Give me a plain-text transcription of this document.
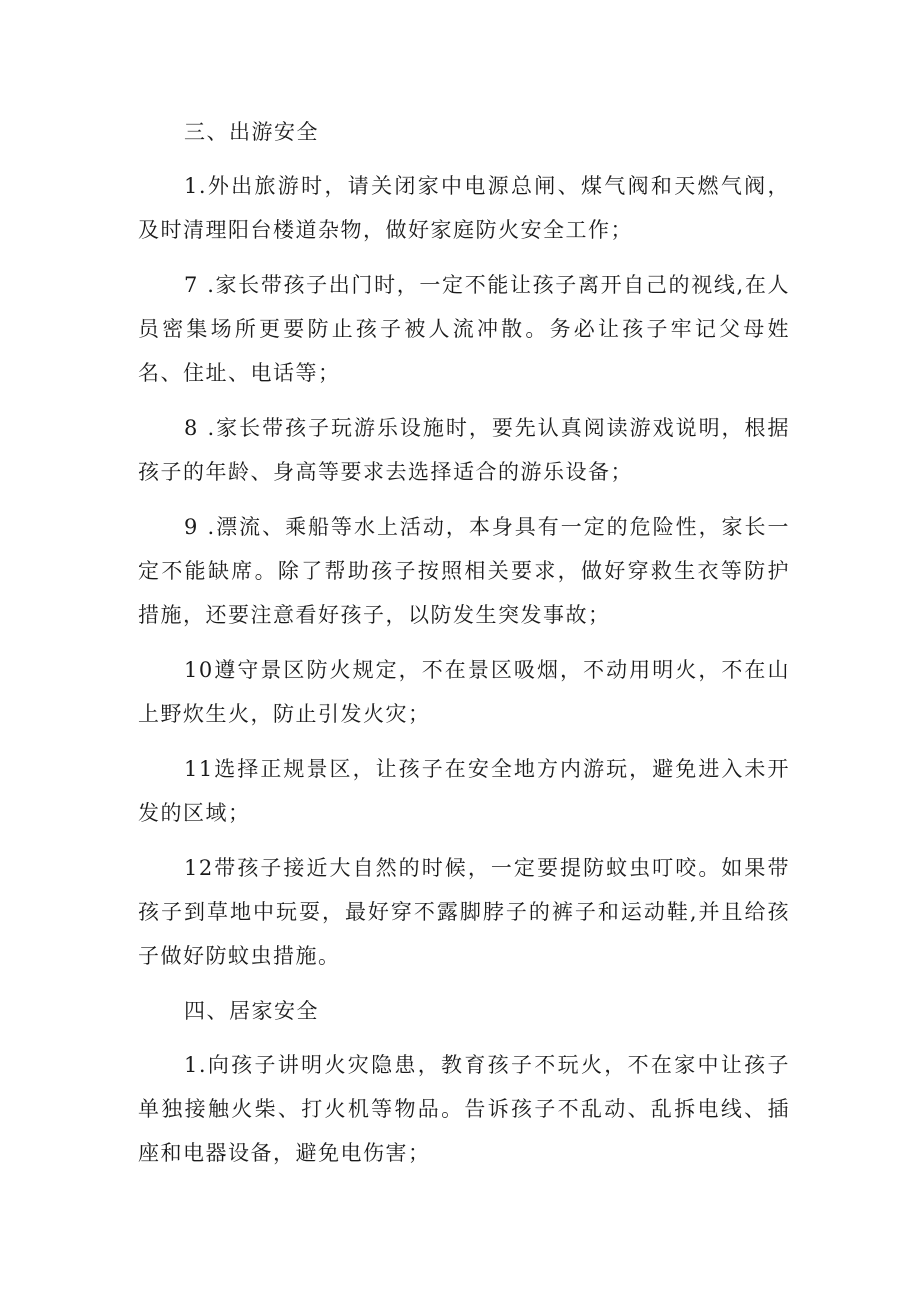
三、出游安全

1.外出旅游时，请关闭家中电源总闸、煤气阀和天燃气阀，及时清理阳台楼道杂物，做好家庭防火安全工作；

7 .家长带孩子出门时，一定不能让孩子离开自己的视线,在人员密集场所更要防止孩子被人流冲散。务必让孩子牢记父母姓名、住址、电话等；

8 .家长带孩子玩游乐设施时，要先认真阅读游戏说明，根据孩子的年龄、身高等要求去选择适合的游乐设备；

9 .漂流、乘船等水上活动，本身具有一定的危险性，家长一定不能缺席。除了帮助孩子按照相关要求，做好穿救生衣等防护措施，还要注意看好孩子，以防发生突发事故；

10遵守景区防火规定，不在景区吸烟，不动用明火，不在山上野炊生火，防止引发火灾；

11选择正规景区，让孩子在安全地方内游玩，避免进入未开发的区域；

12带孩子接近大自然的时候，一定要提防蚊虫叮咬。如果带孩子到草地中玩耍，最好穿不露脚脖子的裤子和运动鞋,并且给孩子做好防蚊虫措施。

四、居家安全

1.向孩子讲明火灾隐患，教育孩子不玩火，不在家中让孩子单独接触火柴、打火机等物品。告诉孩子不乱动、乱拆电线、插座和电器设备，避免电伤害；
